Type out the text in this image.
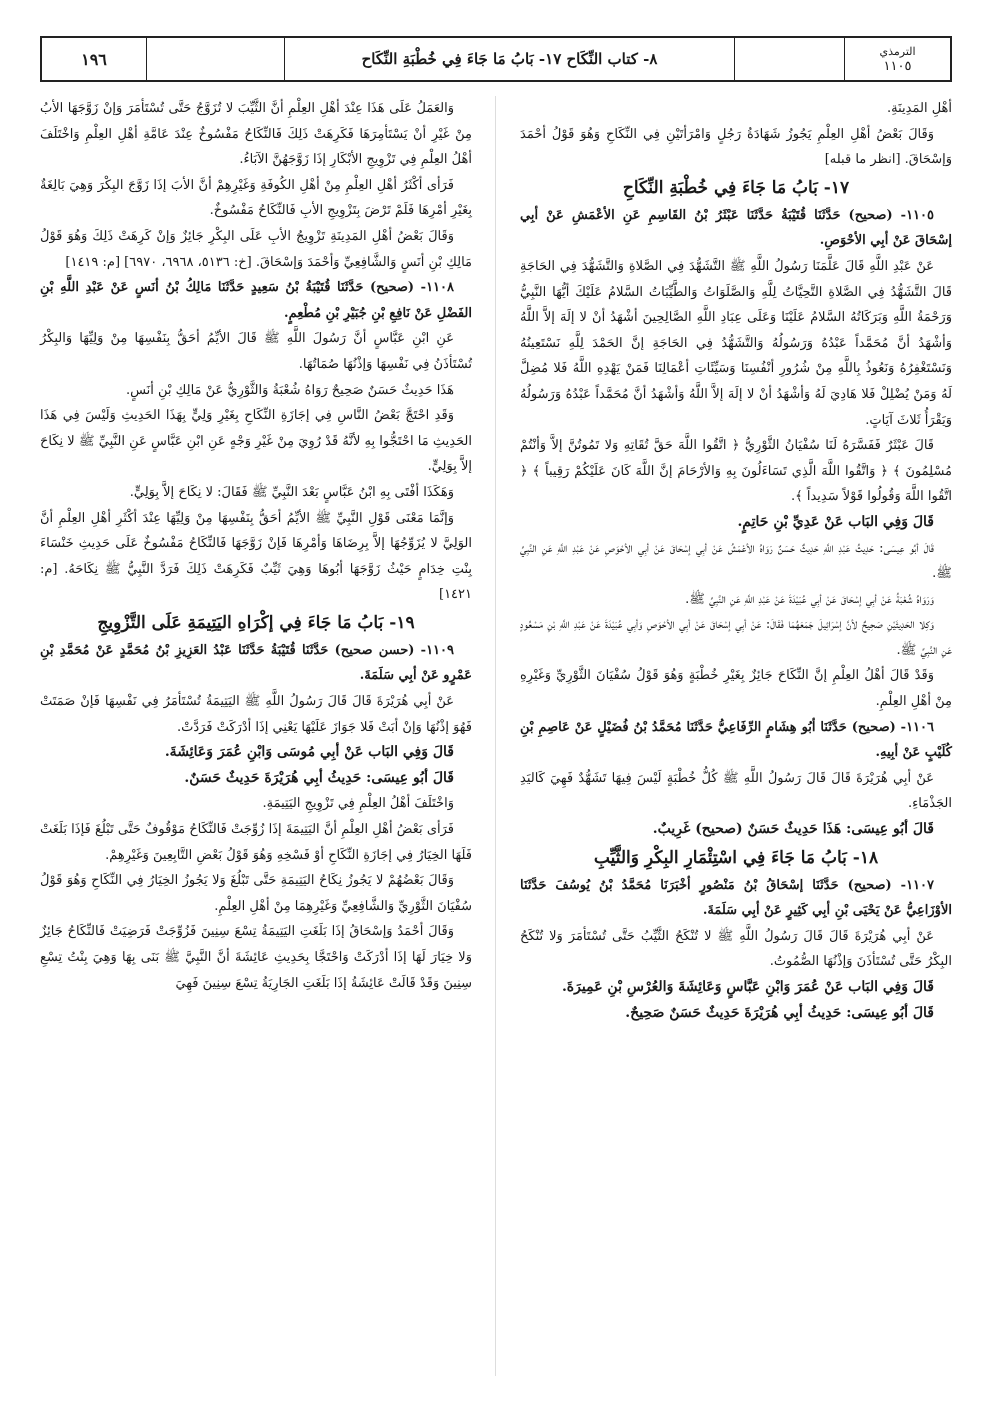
الترمذي
١١٠٥
٨- كتاب النِّكَاح ١٧- بَابُ مَا جَاءَ فِي خُطْبَةِ النِّكَاح
١٩٦

أهْلِ المَدِينَةِ.

وَقَالَ بَعْضُ أهْلِ العِلْمِ يَجُوزُ شَهَادَةُ رَجُلٍ وَامْرَأتَيْنِ فِي النِّكَاحِ وَهُوَ قَوْلُ أحْمَدَ وَإسْحَاقَ. [انظر ما قبله]

١٧- بَابُ مَا جَاءَ فِي خُطْبَةِ النِّكَاحِ

١١٠٥- (صحيح) حَدَّثَنَا قُتَيْبَةُ حَدَّثَنَا عَبْثَرُ بْنُ القَاسِمِ عَنِ الأعْمَشِ عَنْ أبِي إسْحَاقَ عَنْ أبِي الأحْوَصِ.

عَنْ عَبْدِ اللَّهِ قَالَ عَلَّمَنَا رَسُولُ اللَّهِ ﷺ التَّشَهُّدَ فِي الصَّلاةِ وَالتَّشَهُّدَ فِي الحَاجَةِ قَالَ التَّشَهُّدُ فِي الصَّلاةِ التَّحِيَّاتُ لِلَّهِ وَالصَّلَوَاتُ وَالطَّيِّبَاتُ السَّلامُ عَلَيْكَ أيُّهَا النَّبِيُّ وَرَحْمَةُ اللَّهِ وَبَرَكَاتُهُ السَّلامُ عَلَيْنَا وَعَلَى عِبَادِ اللَّهِ الصَّالِحِينَ أشْهَدُ أنْ لا إلَهَ إلاَّ اللَّهُ وَأشْهَدُ أنَّ مُحَمَّداً عَبْدُهُ وَرَسُولُهُ وَالتَّشَهُّدُ فِي الحَاجَةِ إنَّ الحَمْدَ لِلَّهِ نَسْتَعِينُهُ وَنَسْتَغْفِرُهُ وَنَعُوذُ بِاللَّهِ مِنْ شُرُورِ أنْفُسِنَا وَسَيِّئَاتِ أعْمَالِنَا فَمَنْ يَهْدِهِ اللَّهُ فَلا مُضِلَّ لَهُ وَمَنْ يُضْلِلْ فَلا هَادِيَ لَهُ وَأشْهَدُ أنْ لا إلَهَ إلاَّ اللَّهُ وَأشْهَدُ أنَّ مُحَمَّداً عَبْدُهُ وَرَسُولُهُ وَيَقْرَأُ ثَلاثَ آيَاتٍ.

قَالَ عَبْثَرٌ فَفَسَّرَهُ لَنَا سُفْيَانُ الثَّوْرِيُّ ﴿ اتَّقُوا اللَّهَ حَقَّ تُقَاتِهِ وَلا تَمُوتُنَّ إلاَّ وَأنْتُمْ مُسْلِمُونَ ﴾ ﴿ وَاتَّقُوا اللَّهَ الَّذِي تَسَاءَلُونَ بِهِ وَالأرْحَامَ إنَّ اللَّهَ كَانَ عَلَيْكُمْ رَقِيباً ﴾ ﴿ اتَّقُوا اللَّهَ وَقُولُوا قَوْلاً سَدِيداً ﴾.

قَالَ وَفِي البَاب عَنْ عَدِيِّ بْنِ حَاتِمٍ.

قَالَ أبُو عِيسَى: حَدِيثُ عَبْدِ اللَّهِ حَدِيثٌ حَسَنٌ رَوَاهُ الأعْمَشُ عَنْ أبِي إسْحَاقَ عَنْ أبِي الأحْوَصِ عَنْ عَبْدِ اللَّهِ عَنِ النَّبِيِّ ﷺ.

وَرَوَاهُ شُعْبَةُ عَنْ أبِي إسْحَاقَ عَنْ أبِي عُبَيْدَةَ عَنْ عَبْدِ اللَّهِ عَنِ النَّبِيِّ ﷺ.

وَكِلا الحَدِيثَيْنِ صَحِيحٌ لأنَّ إسْرَائِيلَ جَمَعَهُمَا فَقَالَ: عَنْ أبِي إسْحَاقَ عَنْ أبِي الأحْوَصِ وَأبِي عُبَيْدَةَ عَنْ عَبْدِ اللَّهِ بْنِ مَسْعُودٍ عَنِ النَّبِيِّ ﷺ.

وَقَدْ قَالَ أهْلُ العِلْمِ إنَّ النِّكَاحَ جَائِزٌ بِغَيْرِ خُطْبَةٍ وَهُوَ قَوْلُ سُفْيَانَ الثَّوْرِيِّ وَغَيْرِهِ مِنْ أهْلِ العِلْمِ.

١١٠٦- (صحيح) حَدَّثَنَا أبُو هِشَامٍ الرِّفَاعِيُّ حَدَّثَنَا مُحَمَّدُ بْنُ فُضَيْلٍ عَنْ عَاصِمِ بْنِ كُلَيْبٍ عَنْ أبِيهِ.

عَنْ أبِي هُرَيْرَةَ قَالَ قَالَ رَسُولُ اللَّهِ ﷺ كُلُّ خُطْبَةٍ لَيْسَ فِيهَا تَشَهُّدٌ فَهِيَ كَاليَدِ الجَذْمَاءِ.

قَالَ أبُو عِيسَى: هَذَا حَدِيثٌ حَسَنٌ (صحيح) غَرِيبٌ.

١٨- بَابُ مَا جَاءَ فِي اسْتِئْمَارِ البِكْرِ وَالثَّيِّبِ

١١٠٧- (صحيح) حَدَّثَنَا إسْحَاقُ بْنُ مَنْصُورٍ أخْبَرَنَا مُحَمَّدُ بْنُ يُوسُفَ حَدَّثَنَا الأوْزَاعِيُّ عَنْ يَحْيَى بْنِ أبِي كَثِيرٍ عَنْ أبِي سَلَمَةَ.

عَنْ أبِي هُرَيْرَةَ قَالَ قَالَ رَسُولُ اللَّهِ ﷺ لا تُنْكَحُ الثَّيِّبُ حَتَّى تُسْتَأمَرَ وَلا تُنْكَحُ البِكْرُ حَتَّى تُسْتَأذَنَ وَإذْنُهَا الصُّمُوتُ.

قَالَ وَفِي البَاب عَنْ عُمَرَ وَابْنِ عَبَّاسٍ وَعَائِشَةَ وَالعُرْسِ بْنِ عَمِيرَةَ.

قَالَ أبُو عِيسَى: حَدِيثُ أبِي هُرَيْرَةَ حَدِيثٌ حَسَنٌ صَحِيحٌ.

وَالعَمَلُ عَلَى هَذَا عِنْدَ أهْلِ العِلْمِ أنَّ الثَّيِّبَ لا تُزَوَّجُ حَتَّى تُسْتَأمَرَ وَإنْ زَوَّجَهَا الأبُ مِنْ غَيْرِ أنْ يَسْتَأمِرَهَا فَكَرِهَتْ ذَلِكَ فَالنِّكَاحُ مَفْسُوخٌ عِنْدَ عَامَّةِ أهْلِ العِلْمِ وَاخْتَلَفَ أهْلُ العِلْمِ فِي تَزْوِيجِ الأبْكَارِ إذَا زَوَّجَهُنَّ الآبَاءُ.

فَرَأى أكْثَرُ أهْلِ العِلْمِ مِنْ أهْلِ الكُوفَةِ وَغَيْرِهِمْ أنَّ الأبَ إذَا زَوَّجَ البِكْرَ وَهِيَ بَالِغَةٌ بِغَيْرِ أمْرِهَا فَلَمْ تَرْضَ بِتَزْوِيجِ الأبِ فَالنِّكَاحُ مَفْسُوخٌ.

وَقَالَ بَعْضُ أهْلِ المَدِينَةِ تَزْوِيجُ الأبِ عَلَى البِكْرِ جَائِزٌ وَإنْ كَرِهَتْ ذَلِكَ وَهُوَ قَوْلُ مَالِكِ بْنِ أنَسٍ وَالشَّافِعِيِّ وَأحْمَدَ وَإسْحَاقَ. [خ: ٥١٣٦، ٦٩٦٨، ٦٩٧٠] [م: ١٤١٩]

١١٠٨- (صحيح) حَدَّثَنَا قُتَيْبَةُ بْنُ سَعِيدٍ حَدَّثَنَا مَالِكُ بْنُ أنَسٍ عَنْ عَبْدِ اللَّهِ بْنِ الفَضْلِ عَنْ نَافِعِ بْنِ جُبَيْرِ بْنِ مُطْعِمٍ.

عَنِ ابْنِ عَبَّاسٍ أنَّ رَسُولَ اللَّهِ ﷺ قَالَ الأيِّمُ أحَقُّ بِنَفْسِهَا مِنْ وَلِيِّهَا وَالبِكْرُ تُسْتَأذَنُ فِي نَفْسِهَا وَإذْنُهَا صُمَاتُهَا.

هَذَا حَدِيثٌ حَسَنٌ صَحِيحٌ رَوَاهُ شُعْبَةُ وَالثَّوْرِيُّ عَنْ مَالِكِ بْنِ أنَسٍ.

وَقَدِ احْتَجَّ بَعْضُ النَّاسِ فِي إجَازَةِ النِّكَاحِ بِغَيْرِ وَلِيٍّ بِهَذَا الحَدِيثِ وَلَيْسَ فِي هَذَا الحَدِيثِ مَا احْتَجُّوا بِهِ لأنَّهُ قَدْ رُوِيَ مِنْ غَيْرِ وَجْهٍ عَنِ ابْنِ عَبَّاسٍ عَنِ النَّبِيِّ ﷺ لا نِكَاحَ إلاَّ بِوَلِيٍّ.

وَهَكَذَا أفْتَى بِهِ ابْنُ عَبَّاسٍ بَعْدَ النَّبِيِّ ﷺ فَقَالَ: لا نِكَاحَ إلاَّ بِوَلِيٍّ.

وَإنَّمَا مَعْنَى قَوْلِ النَّبِيِّ ﷺ الأيِّمُ أحَقُّ بِنَفْسِهَا مِنْ وَلِيِّهَا عِنْدَ أكْثَرِ أهْلِ العِلْمِ أنَّ الوَلِيَّ لا يُزَوِّجُهَا إلاَّ بِرِضَاهَا وَأمْرِهَا فَإنْ زَوَّجَهَا فَالنِّكَاحُ مَفْسُوخٌ عَلَى حَدِيثِ خَنْسَاءَ بِنْتِ خِدَامٍ حَيْثُ زَوَّجَهَا أبُوهَا وَهِيَ ثَيِّبٌ فَكَرِهَتْ ذَلِكَ فَرَدَّ النَّبِيُّ ﷺ نِكَاحَهُ. [م: ١٤٢١]

١٩- بَابُ مَا جَاءَ فِي إكْرَاهِ اليَتِيمَةِ عَلَى التَّزْوِيجِ

١١٠٩- (حسن صحيح) حَدَّثَنَا قُتَيْبَةُ حَدَّثَنَا عَبْدُ العَزِيزِ بْنُ مُحَمَّدٍ عَنْ مُحَمَّدِ بْنِ عَمْرٍو عَنْ أبِي سَلَمَةَ.

عَنْ أبِي هُرَيْرَةَ قَالَ قَالَ رَسُولُ اللَّهِ ﷺ اليَتِيمَةُ تُسْتَأمَرُ فِي نَفْسِهَا فَإنْ صَمَتَتْ فَهُوَ إذْنُهَا وَإنْ أبَتْ فَلا جَوَازَ عَلَيْهَا يَعْنِي إذَا أدْرَكَتْ فَرَدَّتْ.

قَالَ وَفِي البَاب عَنْ أبِي مُوسَى وَابْنِ عُمَرَ وَعَائِشَةَ.

قَالَ أبُو عِيسَى: حَدِيثُ أبِي هُرَيْرَةَ حَدِيثٌ حَسَنٌ.

وَاخْتَلَفَ أهْلُ العِلْمِ فِي تَزْوِيجِ اليَتِيمَةِ.

فَرَأى بَعْضُ أهْلِ العِلْمِ أنَّ اليَتِيمَةَ إذَا زُوِّجَتْ فَالنِّكَاحُ مَوْقُوفٌ حَتَّى تَبْلُغَ فَإذَا بَلَغَتْ فَلَهَا الخِيَارُ فِي إجَازَةِ النِّكَاحِ أوْ فَسْخِهِ وَهُوَ قَوْلُ بَعْضِ التَّابِعِينَ وَغَيْرِهِمْ.

وَقَالَ بَعْضُهُمْ لا يَجُوزُ نِكَاحُ اليَتِيمَةِ حَتَّى تَبْلُغَ وَلا يَجُوزُ الخِيَارُ فِي النِّكَاحِ وَهُوَ قَوْلُ سُفْيَانَ الثَّوْرِيِّ وَالشَّافِعِيِّ وَغَيْرِهِمَا مِنْ أهْلِ العِلْمِ.

وَقَالَ أحْمَدُ وَإسْحَاقُ إذَا بَلَغَتِ اليَتِيمَةُ تِسْعَ سِنِينَ فَزُوِّجَتْ فَرَضِيَتْ فَالنِّكَاحُ جَائِزٌ وَلا خِيَارَ لَهَا إذَا أدْرَكَتْ وَاحْتَجَّا بِحَدِيثِ عَائِشَةَ أنَّ النَّبِيَّ ﷺ بَنَى بِهَا وَهِيَ بِنْتُ تِسْعِ سِنِينَ وَقَدْ قَالَتْ عَائِشَةُ إذَا بَلَغَتِ الجَارِيَةُ تِسْعَ سِنِينَ فَهِيَ
